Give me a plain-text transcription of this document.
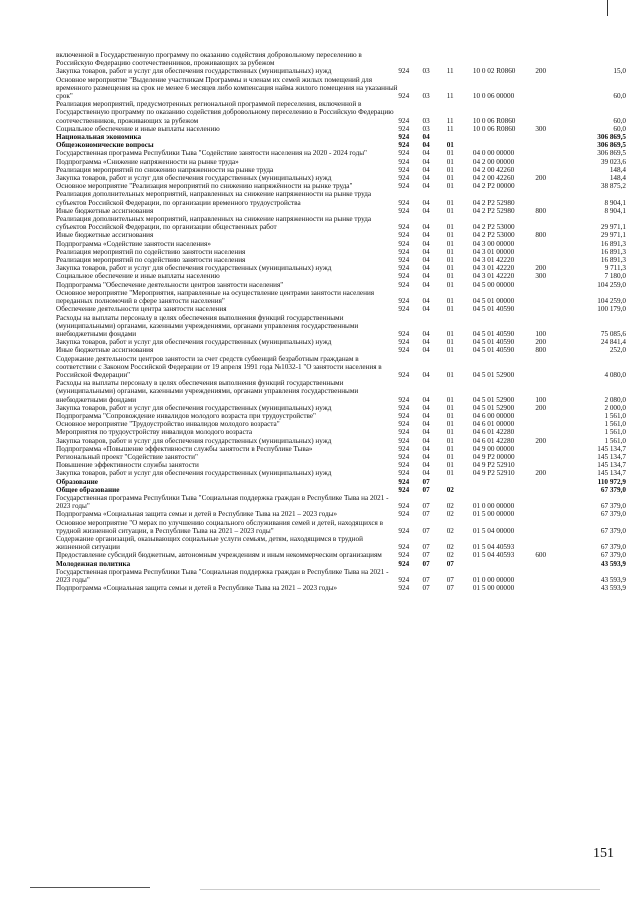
включенной в Государственную программу по оказанию содействия добровольному переселению в Российскую Федерацию соотечественников, проживающих за рубежом						
Закупка товаров, работ и услуг для обеспечения государственных (муниципальных) нужд	924	03	11	10 0 02 R0860	200	15,0
Основное мероприятие "Выделение участникам Программы и членам их семей жилых помещений для временного размещения на срок не менее 6 месяцев либо компенсация найма жилого помещения на указанный срок"	924	03	11	10 0 06 00000		60,0
Реализация мероприятий, предусмотренных региональной программой переселения, включенной в Государственную программу по оказанию содействия добровольному переселению в Российскую Федерацию соотечественников, проживающих за рубежом	924	03	11	10 0 06 R0860		60,0
Социальное обеспечение и иные выплаты населению	924	03	11	10 0 06 R0860	300	60,0
Национальная экономика	924	04				306 869,5
Общеэкономические вопросы	924	04	01			306 869,5
Государственная программа Республики Тыва "Содействие занятости населения на 2020 - 2024 годы"	924	04	01	04 0 00 00000		306 869,5
Подпрограмма «Снижение напряженности на рынке труда»	924	04	01	04 2 00 00000		39 023,6
Реализация мероприятий по снижению напряженности на рынке труда	924	04	01	04 2 00 42260		148,4
Закупка товаров, работ и услуг для обеспечения государственных (муниципальных) нужд	924	04	01	04 2 00 42260	200	148,4
Основное мероприятие "Реализация мероприятий по снижению напряжённости на рынке труда"	924	04	01	04 2 P2 00000		38 875,2
Реализация дополнительных мероприятий, направленных на снижение напряженности на рынке труда субъектов Российской Федерации, по организации временного трудоустройства	924	04	01	04 2 P2 52980		8 904,1
Иные бюджетные ассигнования	924	04	01	04 2 P2 52980	800	8 904,1
Реализация дополнительных мероприятий, направленных на снижение напряженности на рынке труда субъектов Российской Федерации, по организации общественных работ	924	04	01	04 2 P2 53000		29 971,1
Иные бюджетные ассигнования	924	04	01	04 2 P2 53000	800	29 971,1
Подпрограмма «Содействие занятости населения»	924	04	01	04 3 00 00000		16 891,3
Реализация мероприятий по содействию занятости населения	924	04	01	04 3 01 00000		16 891,3
Реализация мероприятий по содействию занятости населения	924	04	01	04 3 01 42220		16 891,3
Закупка товаров, работ и услуг для обеспечения государственных (муниципальных) нужд	924	04	01	04 3 01 42220	200	9 711,3
Социальное обеспечение и иные выплаты населению	924	04	01	04 3 01 42220	300	7 180,0
Подпрограмма "Обеспечение деятельности центров занятости населения"	924	04	01	04 5 00 00000		104 259,0
Основное мероприятие "Мероприятия, направленные на осуществление центрами занятости населения переданных полномочий в сфере занятости населения"	924	04	01	04 5 01 00000		104 259,0
Обеспечение деятельности центра занятости населения	924	04	01	04 5 01 40590		100 179,0
Расходы на выплаты персоналу в целях обеспечения выполнения функций государственными (муниципальными) органами, казенными учреждениями, органами управления государственными внебюджетными фондами	924	04	01	04 5 01 40590	100	75 085,6
Закупка товаров, работ и услуг для обеспечения государственных (муниципальных) нужд	924	04	01	04 5 01 40590	200	24 841,4
Иные бюджетные ассигнования	924	04	01	04 5 01 40590	800	252,0
Содержание деятельности центров занятости за счет средств субвенций безработным гражданам в соответствии с Законом Российской Федерации от 19 апреля 1991 года №1032-1 "О занятости населения в Российской Федерации"	924	04	01	04 5 01 52900		4 080,0
Расходы на выплаты персоналу в целях обеспечения выполнения функций государственными (муниципальными) органами, казенными учреждениями, органами управления государственными внебюджетными фондами	924	04	01	04 5 01 52900	100	2 080,0
Закупка товаров, работ и услуг для обеспечения государственных (муниципальных) нужд	924	04	01	04 5 01 52900	200	2 000,0
Подпрограмма "Сопровождение инвалидов молодого возраста при трудоустройстве"	924	04	01	04 6 00 00000		1 561,0
Основное мероприятие "Трудоустройство инвалидов молодого возраста"	924	04	01	04 6 01 00000		1 561,0
Мероприятия по трудоустройству инвалидов молодого возраста	924	04	01	04 6 01 42280		1 561,0
Закупка товаров, работ и услуг для обеспечения государственных (муниципальных) нужд	924	04	01	04 6 01 42280	200	1 561,0
Подпрограмма «Повышение эффективности службы занятости в Республике Тыва»	924	04	01	04 9 00 00000		145 134,7
Региональный проект "Содействие занятости"	924	04	01	04 9 P2 00000		145 134,7
Повышение эффективности службы занятости	924	04	01	04 9 P2 52910		145 134,7
Закупка товаров, работ и услуг для обеспечения государственных (муниципальных) нужд	924	04	01	04 9 P2 52910	200	145 134,7
Образование	924	07				110 972,9
Общее образование	924	07	02			67 379,0
Государственная программа Республики Тыва "Социальная поддержка граждан в Республике Тыва на 2021 - 2023 годы"	924	07	02	01 0 00 00000		67 379,0
Подпрограмма «Социальная защита семьи и детей в Республике Тыва на 2021 – 2023 годы»	924	07	02	01 5 00 00000		67 379,0
Основное мероприятие "О мерах по улучшению социального обслуживания семей и детей, находящихся в трудной жизненной ситуации, в Республике Тыва на 2021 – 2023 годы"	924	07	02	01 5 04 00000		67 379,0
Содержание организаций, оказывающих социальные услуги семьям, детям, находящимся в трудной жизненной ситуации	924	07	02	01 5 04 40593		67 379,0
Предоставление субсидий бюджетным, автономным учреждениям и иным некоммерческим организациям	924	07	02	01 5 04 40593	600	67 379,0
Молодежная политика	924	07	07			43 593,9
Государственная программа Республики Тыва "Социальная поддержка граждан в Республике Тыва на 2021 - 2023 годы"	924	07	07	01 0 00 00000		43 593,9
Подпрограмма «Социальная защита семьи и детей в Республике Тыва на 2021 – 2023 годы»	924	07	07	01 5 00 00000		43 593,9
151
